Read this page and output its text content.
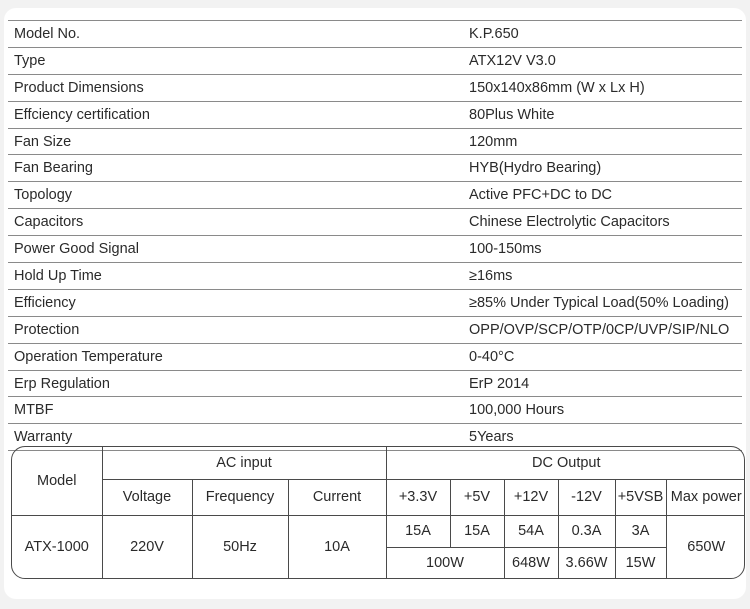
Model No.	K.P.650
Type	ATX12V V3.0
Product Dimensions	150x140x86mm (W x Lx H)
Effciency certification	80Plus White
Fan Size	120mm
Fan Bearing	HYB(Hydro Bearing)
Topology	Active PFC+DC to DC
Capacitors	Chinese Electrolytic Capacitors
Power Good Signal	100-150ms
Hold Up Time	≥16ms
Efficiency	≥85% Under Typical Load(50% Loading)
Protection	OPP/OVP/SCP/OTP/0CP/UVP/SIP/NLO
Operation Temperature	0-40°C
Erp Regulation	ErP 2014
MTBF	100,000 Hours
Warranty	5Years
Model	AC input			DC Output					
	Voltage	Frequency	Current	+3.3V	+5V	+12V	-12V	+5VSB	Max power
ATX-1000	220V	50Hz	10A	15A	15A	54A	0.3A	3A	650W
				100W		648W	3.66W	15W	
